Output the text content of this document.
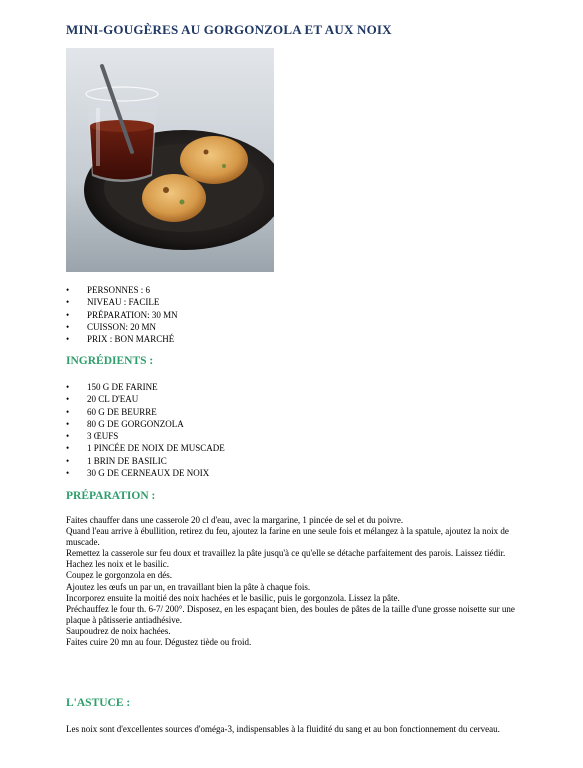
MINI-GOUGÈRES AU GORGONZOLA ET AUX NOIX
• PERSONNES : 6
• NIVEAU : FACILE
• PRÉPARATION: 30 MN
• CUISSON: 20 MN
• PRIX : BON MARCHÉ
INGRÉDIENTS :
• 150 G DE FARINE
• 20 CL D'EAU
• 60 G DE BEURRE
• 80 G DE GORGONZOLA
• 3 ŒUFS
• 1 PINCÉE DE NOIX DE MUSCADE
• 1 BRIN DE BASILIC
• 30 G DE CERNEAUX DE NOIX
PRÉPARATION :

Faites chauffer dans une casserole 20 cl d'eau, avec la margarine, 1 pincée de sel et du poivre.

Quand l'eau arrive à ébullition, retirez du feu, ajoutez la farine en une seule fois et mélangez à la spatule, ajoutez la noix de muscade.

Remettez la casserole sur feu doux et travaillez la pâte jusqu'à ce qu'elle se détache parfaitement des parois. Laissez tiédir.

Hachez les noix et le basilic.

Coupez le gorgonzola en dés.

Ajoutez les œufs un par un, en travaillant bien la pâte à chaque fois.

Incorporez ensuite la moitié des noix hachées et le basilic, puis le gorgonzola. Lissez la pâte.

Préchauffez le four th. 6-7/ 200°. Disposez, en les espaçant bien, des boules de pâtes de la taille d'une grosse noisette sur une plaque à pâtisserie antiadhésive.

Saupoudrez de noix hachées.

Faites cuire 20 mn au four. Dégustez tiède ou froid.

L'ASTUCE :
Les noix sont d'excellentes sources d'oméga-3, indispensables à la fluidité du sang et au bon fonctionnement du cerveau.
